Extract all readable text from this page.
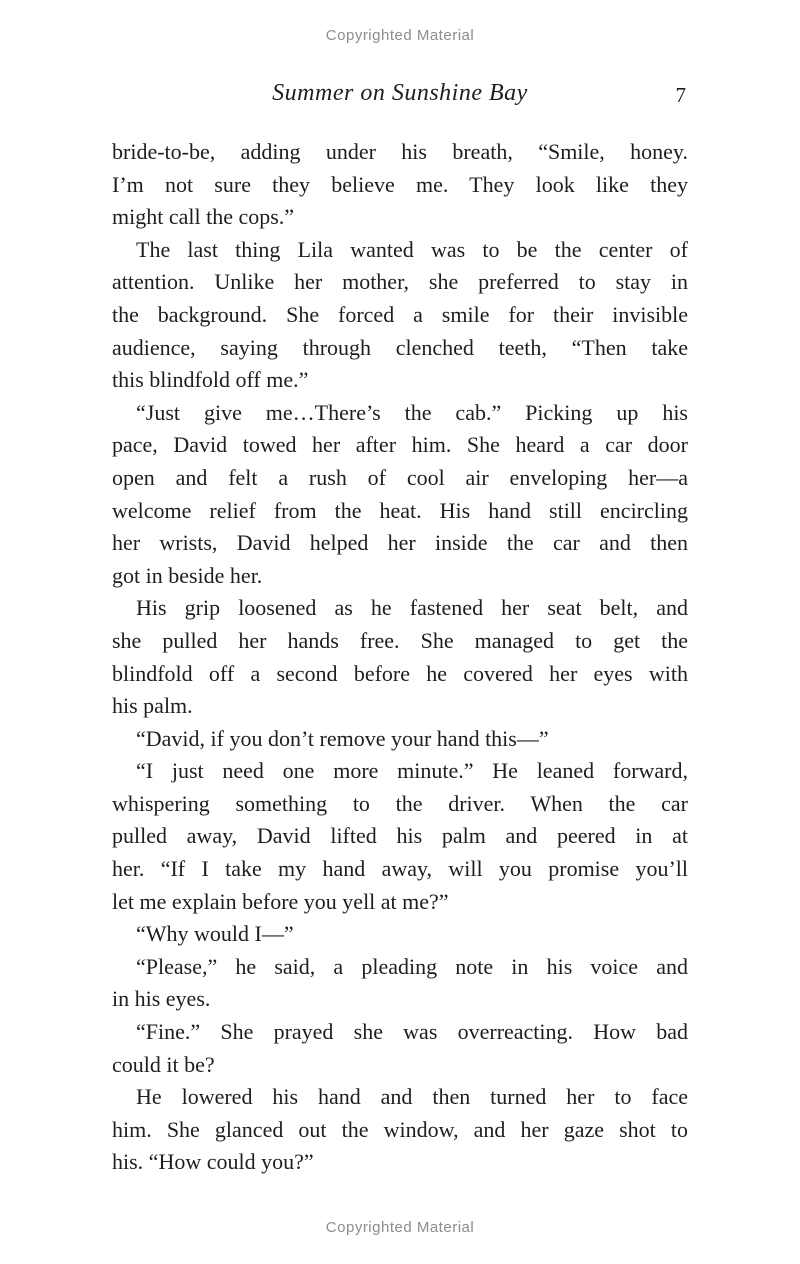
Copyrighted Material
Summer on Sunshine Bay	7
bride-to-be, adding under his breath, “Smile, honey.
I’m not sure they believe me. They look like they
might call the cops.”
The last thing Lila wanted was to be the center of
attention. Unlike her mother, she preferred to stay in
the background. She forced a smile for their invisible
audience, saying through clenched teeth, “Then take
this blindfold off me.”
“Just give me…There’s the cab.” Picking up his
pace, David towed her after him. She heard a car door
open and felt a rush of cool air enveloping her—a
welcome relief from the heat. His hand still encircling
her wrists, David helped her inside the car and then
got in beside her.
His grip loosened as he fastened her seat belt, and
she pulled her hands free. She managed to get the
blindfold off a second before he covered her eyes with
his palm.
“David, if you don’t remove your hand this—”
“I just need one more minute.” He leaned forward,
whispering something to the driver. When the car
pulled away, David lifted his palm and peered in at
her. “If I take my hand away, will you promise you’ll
let me explain before you yell at me?”
“Why would I—”
“Please,” he said, a pleading note in his voice and
in his eyes.
“Fine.” She prayed she was overreacting. How bad
could it be?
He lowered his hand and then turned her to face
him. She glanced out the window, and her gaze shot to
his. “How could you?”
Copyrighted Material
